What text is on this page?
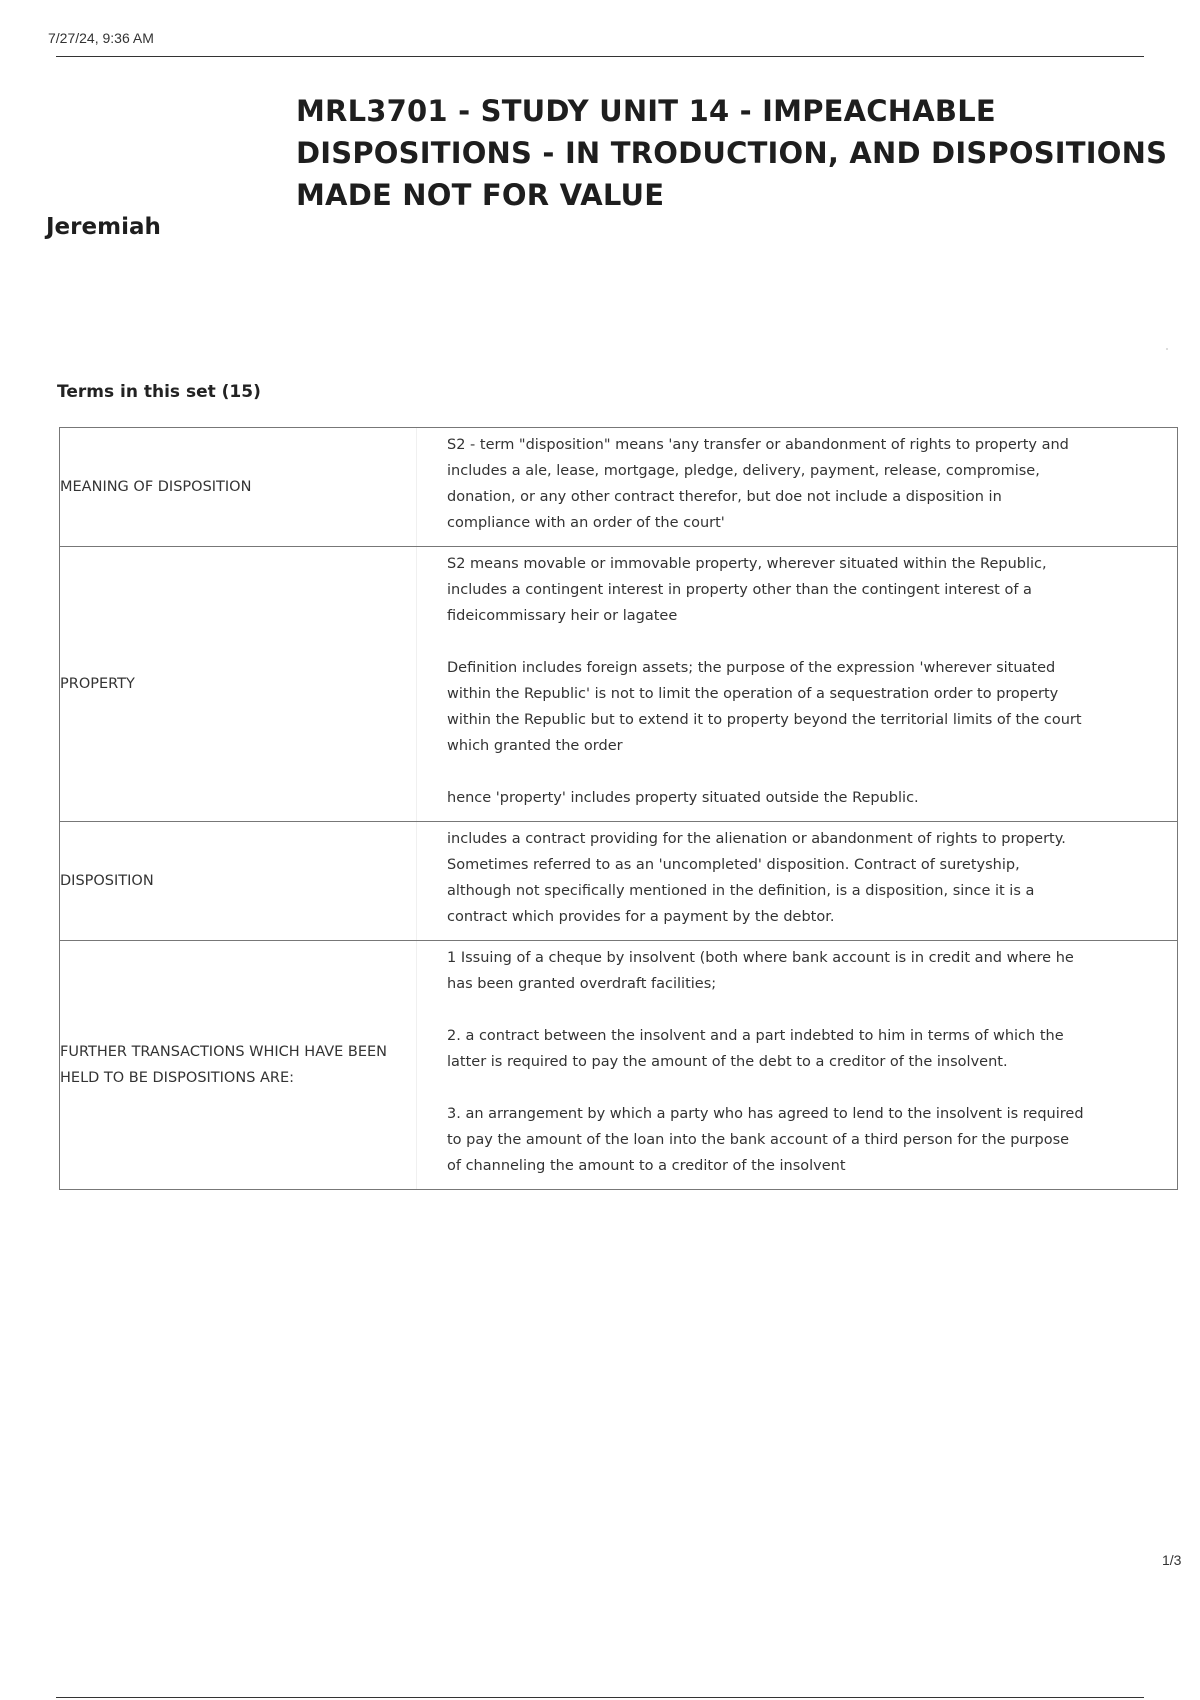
7/27/24, 9:36 AM
MRL3701 - STUDY UNIT 14 - IMPEACHABLE DISPOSITIONS - IN TRODUCTION, AND DISPOSITIONS MADE NOT FOR VALUE
Jeremiah
Terms in this set (15)
MEANING OF DISPOSITION	S2 - term "disposition" means 'any transfer or abandonment of rights to property and includes a ale, lease, mortgage, pledge, delivery, payment, release, compromise, donation, or any other contract therefor, but doe not include a disposition in compliance with an order of the court'

PROPERTY	S2 means movable or immovable property, wherever situated within the Republic, includes a contingent interest in property other than the contingent interest of a fideicommissary heir or lagatee

Definition includes foreign assets; the purpose of the expression 'wherever situated within the Republic' is not to limit the operation of a sequestration order to property within the Republic but to extend it to property beyond the territorial limits of the court which granted the order

hence 'property' includes property situated outside the Republic.

DISPOSITION	includes a contract providing for the alienation or abandonment of rights to property. Sometimes referred to as an 'uncompleted' disposition. Contract of suretyship, although not specifically mentioned in the definition, is a disposition, since it is a contract which provides for a payment by the debtor.

FURTHER TRANSACTIONS WHICH HAVE BEEN HELD TO BE DISPOSITIONS ARE:	1 Issuing of a cheque by insolvent (both where bank account is in credit and where he has been granted overdraft facilities;

2. a contract between the insolvent and a part indebted to him in terms of which the latter is required to pay the amount of the debt to a creditor of the insolvent.

3. an arrangement by which a party who has agreed to lend to the insolvent is required to pay the amount of the loan into the bank account of a third person for the purpose of channeling the amount to a creditor of the insolvent

1/3
